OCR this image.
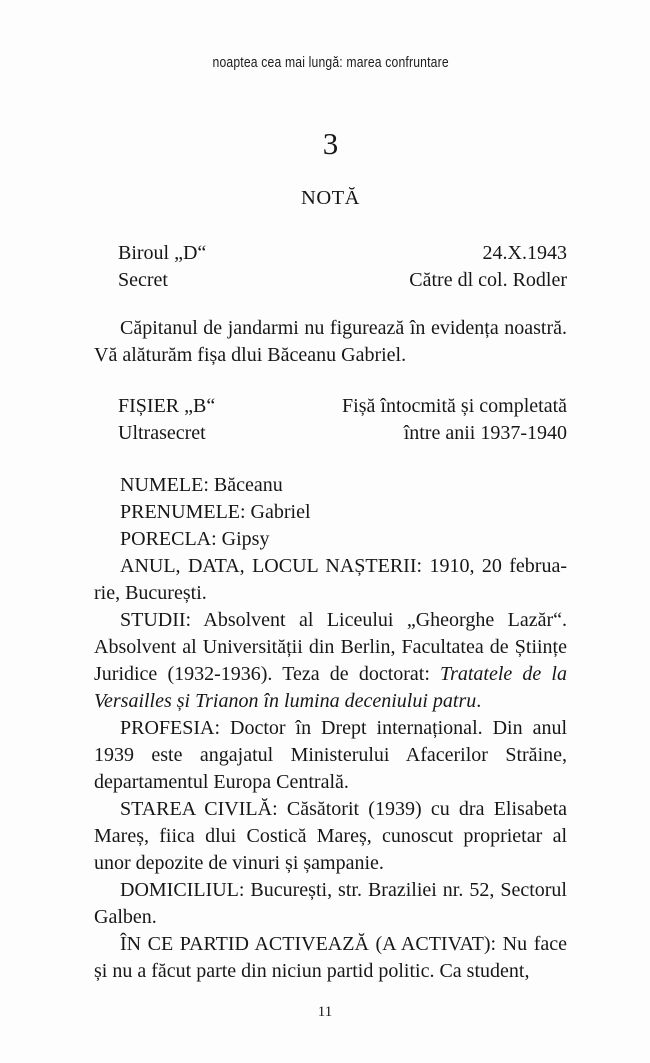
noaptea cea mai lungă: marea confruntare
3
NOTĂ
Biroul „D“	24.X.1943
Secret	Către dl col. Rodler

Căpitanul de jandarmi nu figurează în evidența noastră. Vă alăturăm fișa dlui Băceanu Gabriel.

FIȘIER „B“	Fișă întocmită și completată
Ultrasecret	între anii 1937-1940

NUMELE: Băceanu

PRENUMELE: Gabriel

PORECLA: Gipsy

ANUL, DATA, LOCUL NAȘTERII: 1910, 20 februarie, București.

STUDII: Absolvent al Liceului „Gheorghe Lazăr“. Absolvent al Universității din Berlin, Facultatea de Științe Juridice (1932-1936). Teza de doctorat: Tratatele de la Versailles și Trianon în lumina deceniului patru.

PROFESIA: Doctor în Drept internațional. Din anul 1939 este angajatul Ministerului Afacerilor Străine, departamentul Europa Centrală.

STAREA CIVILĂ: Căsătorit (1939) cu dra Elisabeta Mareș, fiica dlui Costică Mareș, cunoscut proprietar al unor depozite de vinuri și șampanie.

DOMICILIUL: București, str. Braziliei nr. 52, Sectorul Galben.

ÎN CE PARTID ACTIVEAZĂ (A ACTIVAT): Nu face și nu a făcut parte din niciun partid politic. Ca student,

11
